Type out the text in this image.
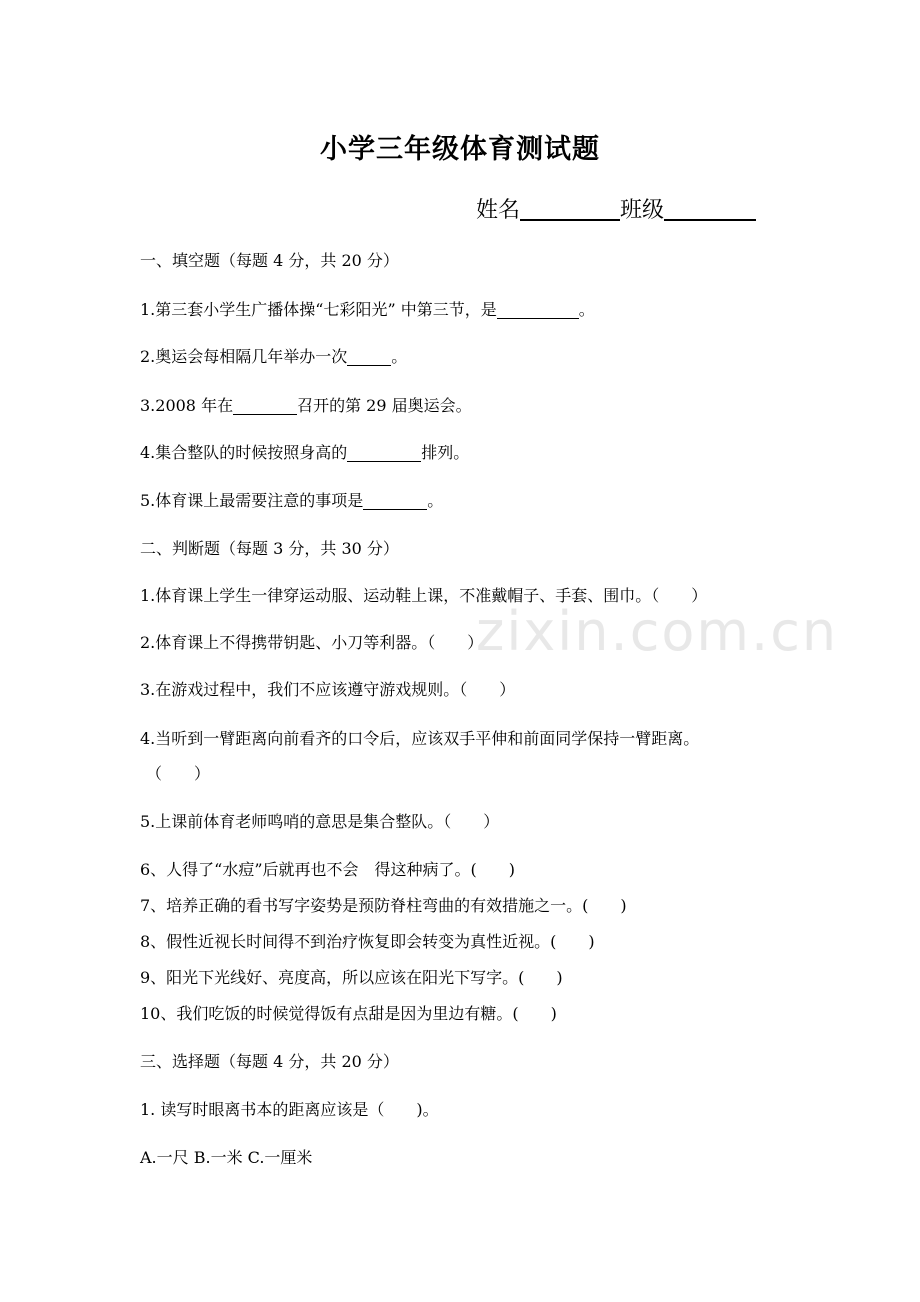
zixin.com.cn
小学三年级体育测试题
姓名	班级
一、填空题（每题 4 分，共 20 分）
1.第三套小学生广播体操“七彩阳光” 中第三节，是	。
2.奥运会每相隔几年举办一次	。
3.2008 年在	召开的第 29 届奥运会。
4.集合整队的时候按照身高的	排列。
5.体育课上最需要注意的事项是	。
二、判断题（每题 3 分，共 30 分）
1.体育课上学生一律穿运动服、运动鞋上课，不准戴帽子、手套、围巾。（　　）
2.体育课上不得携带钥匙、小刀等利器。（　　）
3.在游戏过程中，我们不应该遵守游戏规则。（　　）
4.当听到一臂距离向前看齐的口令后，应该双手平伸和前面同学保持一臂距离。
（　　）
5.上课前体育老师鸣哨的意思是集合整队。（　　）
6、人得了“水痘”后就再也不会　得这种病了。(　　)
7、培养正确的看书写字姿势是预防脊柱弯曲的有效措施之一。(　　)
8、假性近视长时间得不到治疗恢复即会转变为真性近视。(　　)
9、阳光下光线好、亮度高，所以应该在阳光下写字。(　　)
10、我们吃饭的时候觉得饭有点甜是因为里边有糖。(　　)
三、选择题（每题 4 分，共 20 分）
1. 读写时眼离书本的距离应该是（　　)。
A.一尺 B.一米 C.一厘米
